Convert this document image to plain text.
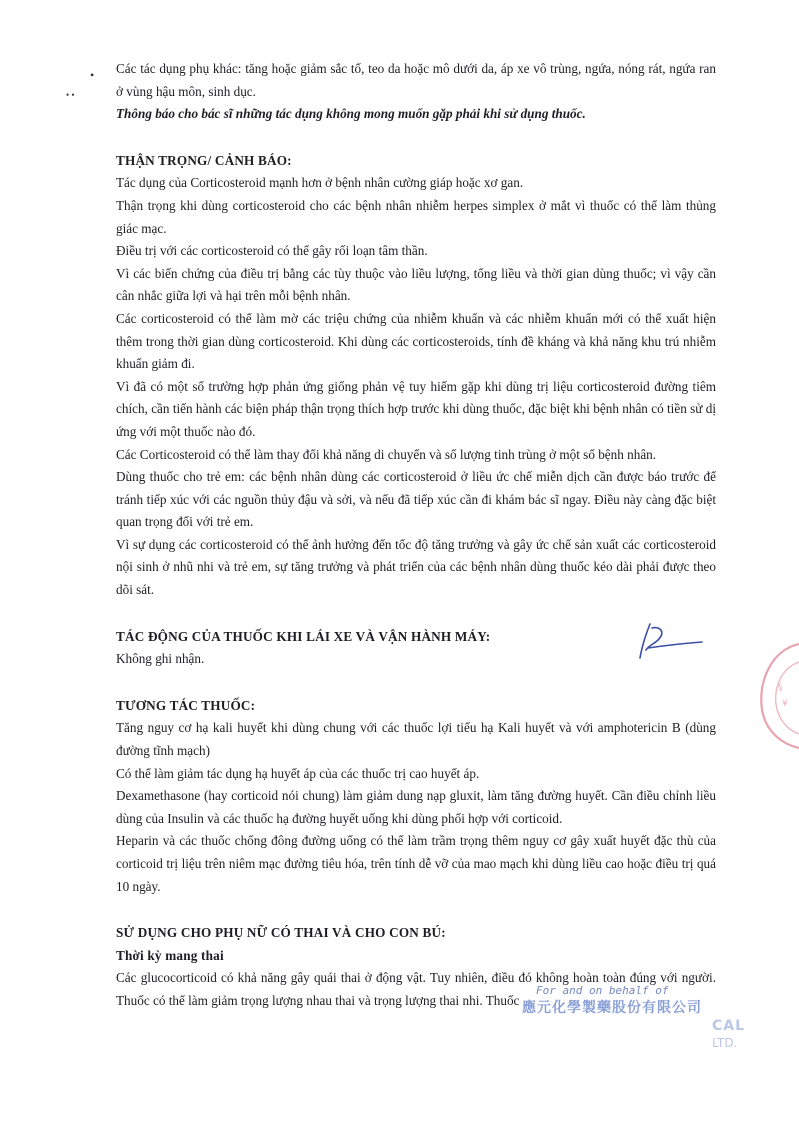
•
• •

Các tác dụng phụ khác: tăng hoặc giảm sắc tố, teo da hoặc mô dưới da, áp xe vô trùng, ngứa, nóng rát, ngứa ran ở vùng hậu môn, sinh dục.

Thông báo cho bác sĩ những tác dụng không mong muốn gặp phải khi sử dụng thuốc.

THẬN TRỌNG/ CẢNH BÁO:

Tác dụng của Corticosteroid mạnh hơn ở bệnh nhân cường giáp hoặc xơ gan.

Thận trọng khi dùng corticosteroid cho các bệnh nhân nhiễm herpes simplex ở mắt vì thuốc có thể làm thủng giác mạc.

Điều trị với các corticosteroid có thể gây rối loạn tâm thần.

Vì các biến chứng của điều trị bằng các tùy thuộc vào liều lượng, tổng liều và thời gian dùng thuốc; vì vậy cần cân nhắc giữa lợi và hại trên mỗi bệnh nhân.

Các corticosteroid có thể làm mờ các triệu chứng của nhiễm khuẩn và các nhiễm khuẩn mới có thể xuất hiện thêm trong thời gian dùng corticosteroid. Khi dùng các corticosteroids, tính đề kháng và khả năng khu trú nhiễm khuẩn giảm đi.

Vì đã có một số trường hợp phản ứng giống phản vệ tuy hiếm gặp khi dùng trị liệu corticosteroid đường tiêm chích, cần tiến hành các biện pháp thận trọng thích hợp trước khi dùng thuốc, đặc biệt khi bệnh nhân có tiền sử dị ứng với một thuốc nào đó.

Các Corticosteroid có thể làm thay đổi khả năng di chuyển và số lượng tinh trùng ở một số bệnh nhân.

Dùng thuốc cho trẻ em: các bệnh nhân dùng các corticosteroid ở liều ức chế miễn dịch cần được báo trước để tránh tiếp xúc với các nguồn thủy đậu và sởi, và nếu đã tiếp xúc cần đi khám bác sĩ ngay. Điều này càng đặc biệt quan trọng đối với trẻ em.

Vì sự dụng các corticosteroid có thể ảnh hưởng đến tốc độ tăng trưởng và gây ức chế sản xuất các corticosteroid nội sinh ở nhũ nhi và trẻ em, sự tăng trưởng và phát triển của các bệnh nhân dùng thuốc kéo dài phải được theo dõi sát.

TÁC ĐỘNG CỦA THUỐC KHI LÁI XE VÀ VẬN HÀNH MÁY:

Không ghi nhận.

TƯƠNG TÁC THUỐC:

Tăng nguy cơ hạ kali huyết khi dùng chung với các thuốc lợi tiểu hạ Kali huyết và với amphotericin B (dùng đường tĩnh mạch)

Có thể làm giảm tác dụng hạ huyết áp của các thuốc trị cao huyết áp.

Dexamethasone (hay corticoid nói chung) làm giảm dung nạp gluxit, làm tăng đường huyết. Cần điều chỉnh liều dùng của Insulin và các thuốc hạ đường huyết uống khi dùng phối hợp với corticoid.

Heparin và các thuốc chống đông đường uống có thể làm trầm trọng thêm nguy cơ gây xuất huyết đặc thù của corticoid trị liệu trên niêm mạc đường tiêu hóa, trên tính dễ vỡ của mao mạch khi dùng liều cao hoặc điều trị quá 10 ngày.

SỬ DỤNG CHO PHỤ NỮ CÓ THAI VÀ CHO CON BÚ:
Thời kỳ mang thai

Các glucocorticoid có khả năng gây quái thai ở động vật. Tuy nhiên, điều đó không hoàn toàn đúng với người. Thuốc có thể làm giảm trọng lượng nhau thai và trọng lượng thai nhi. Thuốc

§
¥
For and on behalf of
應元化學製藥股份有限公司
CAL
LTD.
